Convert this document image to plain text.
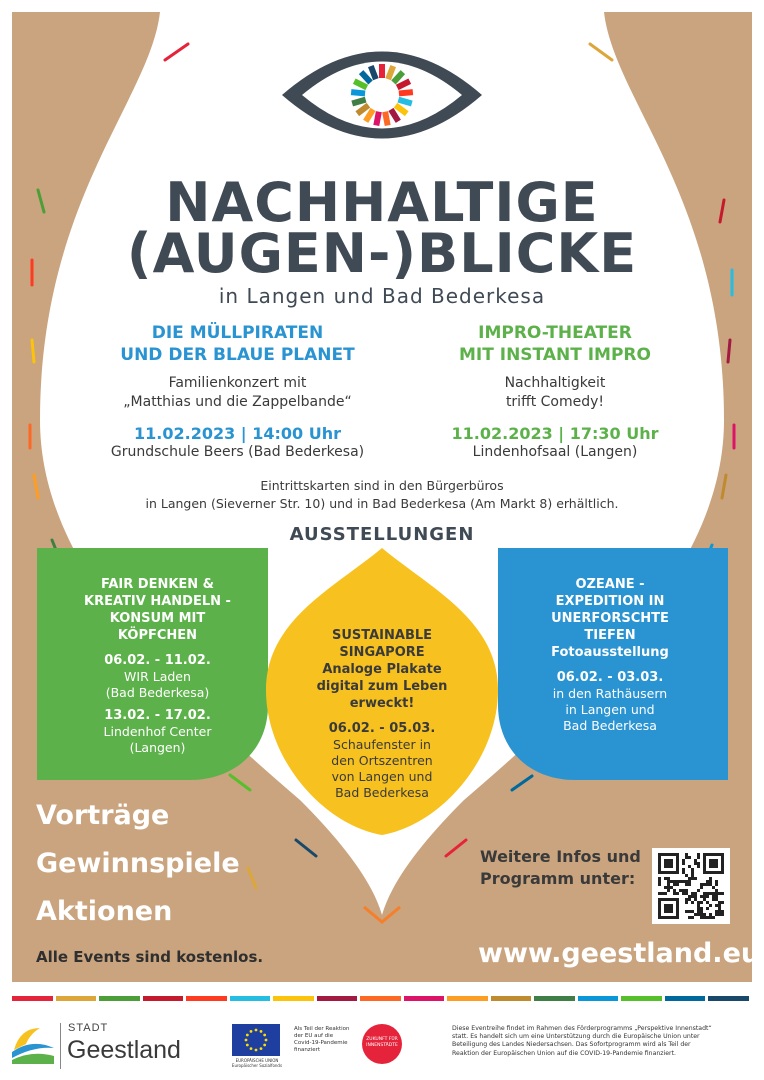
NACHHALTIGE
(AUGEN-)BLICKE
in Langen und Bad Bederkesa
DIE MÜLLPIRATEN
UND DER BLAUE PLANET
Familienkonzert mit
„Matthias und die Zappelbande“
11.02.2023 | 14:00 Uhr
Grundschule Beers (Bad Bederkesa)
IMPRO-THEATER
MIT INSTANT IMPRO
Nachhaltigkeit
trifft Comedy!
11.02.2023 | 17:30 Uhr
Lindenhofsaal (Langen)
Eintrittskarten sind in den Bürgerbüros
in Langen (Sieverner Str. 10) und in Bad Bederkesa (Am Markt 8) erhältlich.
AUSSTELLUNGEN
FAIR DENKEN &
KREATIV HANDELN -
KONSUM MIT
KÖPFCHEN
06.02. - 11.02.
WIR Laden
(Bad Bederkesa)
13.02. - 17.02.
Lindenhof Center
(Langen)
SUSTAINABLE
SINGAPORE
Analoge Plakate
digital zum Leben
erweckt!
06.02. - 05.03.
Schaufenster in
den Ortszentren
von Langen und
Bad Bederkesa
OZEANE -
EXPEDITION IN
UNERFORSCHTE
TIEFEN
Fotoausstellung
06.02. - 03.03.
in den Rathäusern
in Langen und
Bad Bederkesa
Vorträge
Gewinnspiele
Aktionen
Alle Events sind kostenlos.
Weitere Infos und
Programm unter:
www.geestland.eu
STADT
Geestland	EUROPÄISCHE UNION
Europäischer Sozialfonds
Als Teil der Reaktion
der EU auf die
Covid-19-Pandemie
finanziert
ZUKUNFT FÜR
INNENSTÄDTE
Diese Eventreihe findet im Rahmen des Förderprogramms „Perspektive Innenstadt“
statt. Es handelt sich um eine Unterstützung durch die Europäische Union unter
Beteiligung des Landes Niedersachsen. Das Sofortprogramm wird als Teil der
Reaktion der Europäischen Union auf die COVID-19-Pandemie finanziert.
